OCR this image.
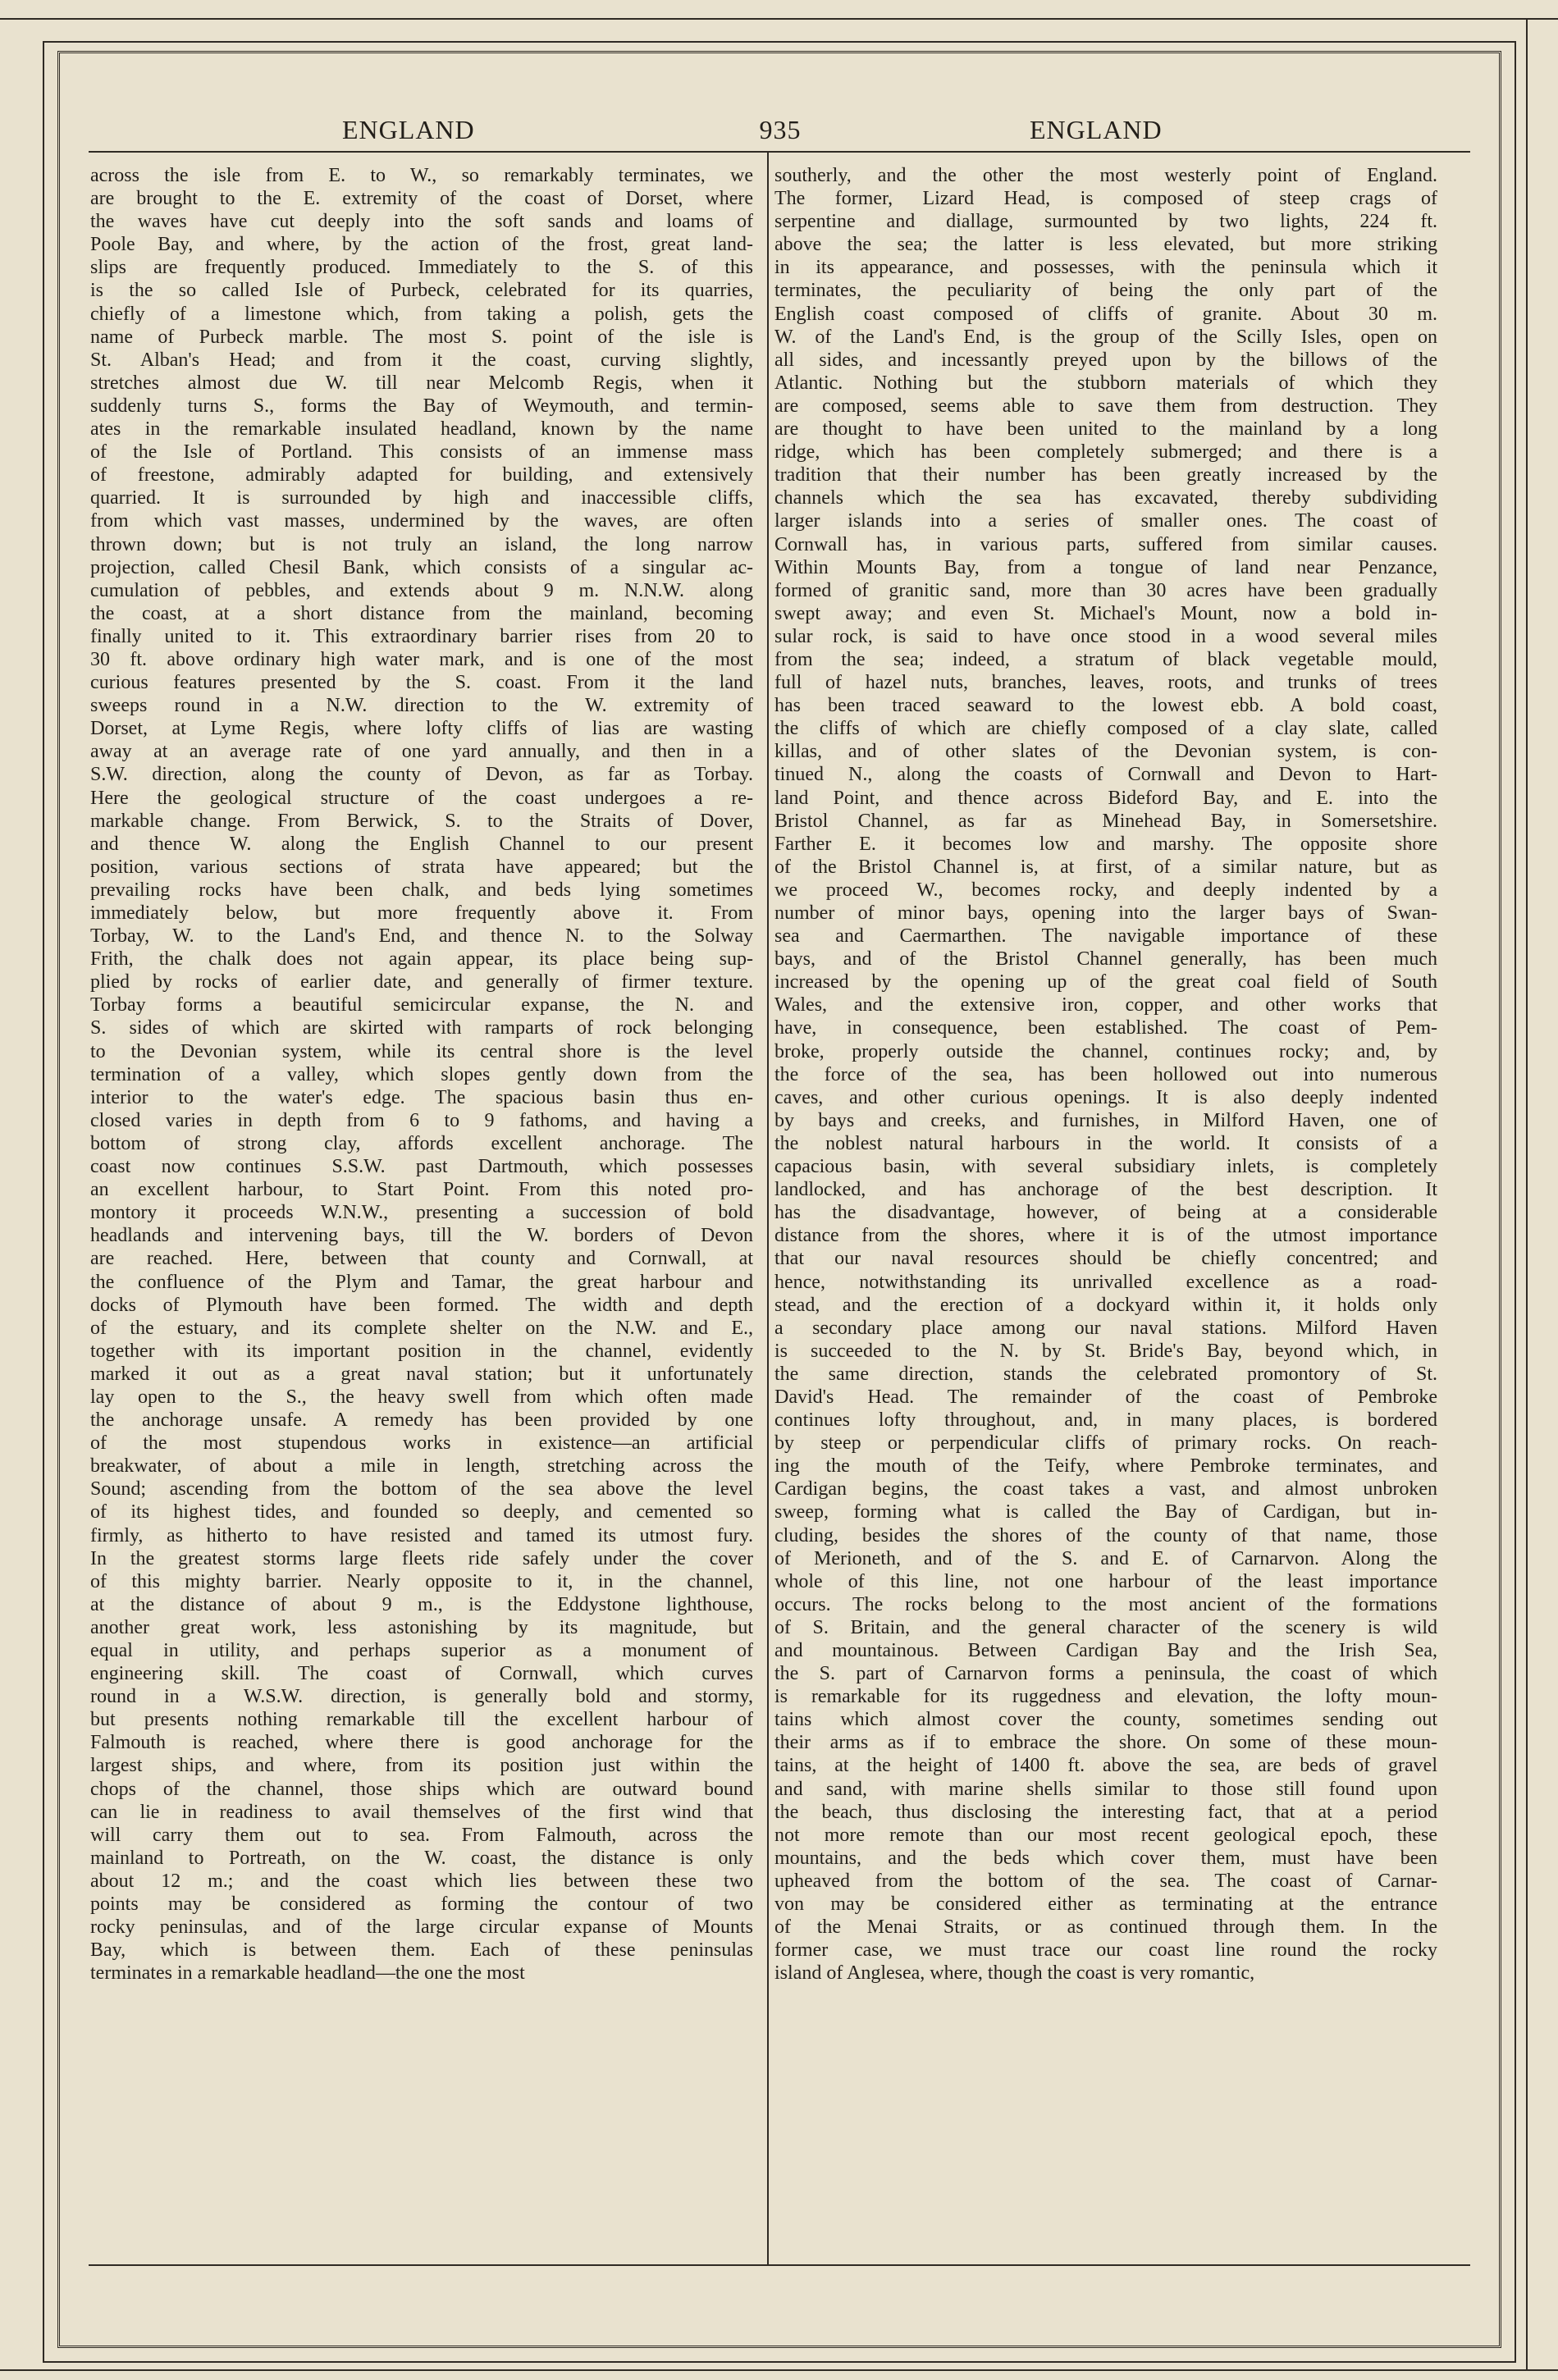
ENGLAND	935	ENGLAND
across the isle from E. to W., so remarkably terminates, we
are brought to the E. extremity of the coast of Dorset, where
the waves have cut deeply into the soft sands and loams of
Poole Bay, and where, by the action of the frost, great land-
slips are frequently produced. Immediately to the S. of this
is the so called Isle of Purbeck, celebrated for its quarries,
chiefly of a limestone which, from taking a polish, gets the
name of Purbeck marble. The most S. point of the isle is
St. Alban's Head; and from it the coast, curving slightly,
stretches almost due W. till near Melcomb Regis, when it
suddenly turns S., forms the Bay of Weymouth, and termin-
ates in the remarkable insulated headland, known by the name
of the Isle of Portland. This consists of an immense mass
of freestone, admirably adapted for building, and extensively
quarried. It is surrounded by high and inaccessible cliffs,
from which vast masses, undermined by the waves, are often
thrown down; but is not truly an island, the long narrow
projection, called Chesil Bank, which consists of a singular ac-
cumulation of pebbles, and extends about 9 m. N.N.W. along
the coast, at a short distance from the mainland, becoming
finally united to it. This extraordinary barrier rises from 20 to
30 ft. above ordinary high water mark, and is one of the most
curious features presented by the S. coast. From it the land
sweeps round in a N.W. direction to the W. extremity of
Dorset, at Lyme Regis, where lofty cliffs of lias are wasting
away at an average rate of one yard annually, and then in a
S.W. direction, along the county of Devon, as far as Torbay.
Here the geological structure of the coast undergoes a re-
markable change. From Berwick, S. to the Straits of Dover,
and thence W. along the English Channel to our present
position, various sections of strata have appeared; but the
prevailing rocks have been chalk, and beds lying sometimes
immediately below, but more frequently above it. From
Torbay, W. to the Land's End, and thence N. to the Solway
Frith, the chalk does not again appear, its place being sup-
plied by rocks of earlier date, and generally of firmer texture.
Torbay forms a beautiful semicircular expanse, the N. and
S. sides of which are skirted with ramparts of rock belonging
to the Devonian system, while its central shore is the level
termination of a valley, which slopes gently down from the
interior to the water's edge. The spacious basin thus en-
closed varies in depth from 6 to 9 fathoms, and having a
bottom of strong clay, affords excellent anchorage. The
coast now continues S.S.W. past Dartmouth, which possesses
an excellent harbour, to Start Point. From this noted pro-
montory it proceeds W.N.W., presenting a succession of bold
headlands and intervening bays, till the W. borders of Devon
are reached. Here, between that county and Cornwall, at
the confluence of the Plym and Tamar, the great harbour and
docks of Plymouth have been formed. The width and depth
of the estuary, and its complete shelter on the N.W. and E.,
together with its important position in the channel, evidently
marked it out as a great naval station; but it unfortunately
lay open to the S., the heavy swell from which often made
the anchorage unsafe. A remedy has been provided by one
of the most stupendous works in existence—an artificial
breakwater, of about a mile in length, stretching across the
Sound; ascending from the bottom of the sea above the level
of its highest tides, and founded so deeply, and cemented so
firmly, as hitherto to have resisted and tamed its utmost fury.
In the greatest storms large fleets ride safely under the cover
of this mighty barrier. Nearly opposite to it, in the channel,
at the distance of about 9 m., is the Eddystone lighthouse,
another great work, less astonishing by its magnitude, but
equal in utility, and perhaps superior as a monument of
engineering skill. The coast of Cornwall, which curves
round in a W.S.W. direction, is generally bold and stormy,
but presents nothing remarkable till the excellent harbour of
Falmouth is reached, where there is good anchorage for the
largest ships, and where, from its position just within the
chops of the channel, those ships which are outward bound
can lie in readiness to avail themselves of the first wind that
will carry them out to sea. From Falmouth, across the
mainland to Portreath, on the W. coast, the distance is only
about 12 m.; and the coast which lies between these two
points may be considered as forming the contour of two
rocky peninsulas, and of the large circular expanse of Mounts
Bay, which is between them. Each of these peninsulas
terminates in a remarkable headland—the one the most
southerly, and the other the most westerly point of England.
The former, Lizard Head, is composed of steep crags of
serpentine and diallage, surmounted by two lights, 224 ft.
above the sea; the latter is less elevated, but more striking
in its appearance, and possesses, with the peninsula which it
terminates, the peculiarity of being the only part of the
English coast composed of cliffs of granite. About 30 m.
W. of the Land's End, is the group of the Scilly Isles, open on
all sides, and incessantly preyed upon by the billows of the
Atlantic. Nothing but the stubborn materials of which they
are composed, seems able to save them from destruction. They
are thought to have been united to the mainland by a long
ridge, which has been completely submerged; and there is a
tradition that their number has been greatly increased by the
channels which the sea has excavated, thereby subdividing
larger islands into a series of smaller ones. The coast of
Cornwall has, in various parts, suffered from similar causes.
Within Mounts Bay, from a tongue of land near Penzance,
formed of granitic sand, more than 30 acres have been gradually
swept away; and even St. Michael's Mount, now a bold in-
sular rock, is said to have once stood in a wood several miles
from the sea; indeed, a stratum of black vegetable mould,
full of hazel nuts, branches, leaves, roots, and trunks of trees
has been traced seaward to the lowest ebb. A bold coast,
the cliffs of which are chiefly composed of a clay slate, called
killas, and of other slates of the Devonian system, is con-
tinued N., along the coasts of Cornwall and Devon to Hart-
land Point, and thence across Bideford Bay, and E. into the
Bristol Channel, as far as Minehead Bay, in Somersetshire.
Farther E. it becomes low and marshy. The opposite shore
of the Bristol Channel is, at first, of a similar nature, but as
we proceed W., becomes rocky, and deeply indented by a
number of minor bays, opening into the larger bays of Swan-
sea and Caermarthen. The navigable importance of these
bays, and of the Bristol Channel generally, has been much
increased by the opening up of the great coal field of South
Wales, and the extensive iron, copper, and other works that
have, in consequence, been established. The coast of Pem-
broke, properly outside the channel, continues rocky; and, by
the force of the sea, has been hollowed out into numerous
caves, and other curious openings. It is also deeply indented
by bays and creeks, and furnishes, in Milford Haven, one of
the noblest natural harbours in the world. It consists of a
capacious basin, with several subsidiary inlets, is completely
landlocked, and has anchorage of the best description. It
has the disadvantage, however, of being at a considerable
distance from the shores, where it is of the utmost importance
that our naval resources should be chiefly concentred; and
hence, notwithstanding its unrivalled excellence as a road-
stead, and the erection of a dockyard within it, it holds only
a secondary place among our naval stations. Milford Haven
is succeeded to the N. by St. Bride's Bay, beyond which, in
the same direction, stands the celebrated promontory of St.
David's Head. The remainder of the coast of Pembroke
continues lofty throughout, and, in many places, is bordered
by steep or perpendicular cliffs of primary rocks. On reach-
ing the mouth of the Teify, where Pembroke terminates, and
Cardigan begins, the coast takes a vast, and almost unbroken
sweep, forming what is called the Bay of Cardigan, but in-
cluding, besides the shores of the county of that name, those
of Merioneth, and of the S. and E. of Carnarvon. Along the
whole of this line, not one harbour of the least importance
occurs. The rocks belong to the most ancient of the formations
of S. Britain, and the general character of the scenery is wild
and mountainous. Between Cardigan Bay and the Irish Sea,
the S. part of Carnarvon forms a peninsula, the coast of which
is remarkable for its ruggedness and elevation, the lofty moun-
tains which almost cover the county, sometimes sending out
their arms as if to embrace the shore. On some of these moun-
tains, at the height of 1400 ft. above the sea, are beds of gravel
and sand, with marine shells similar to those still found upon
the beach, thus disclosing the interesting fact, that at a period
not more remote than our most recent geological epoch, these
mountains, and the beds which cover them, must have been
upheaved from the bottom of the sea. The coast of Carnar-
von may be considered either as terminating at the entrance
of the Menai Straits, or as continued through them. In the
former case, we must trace our coast line round the rocky
island of Anglesea, where, though the coast is very romantic,
